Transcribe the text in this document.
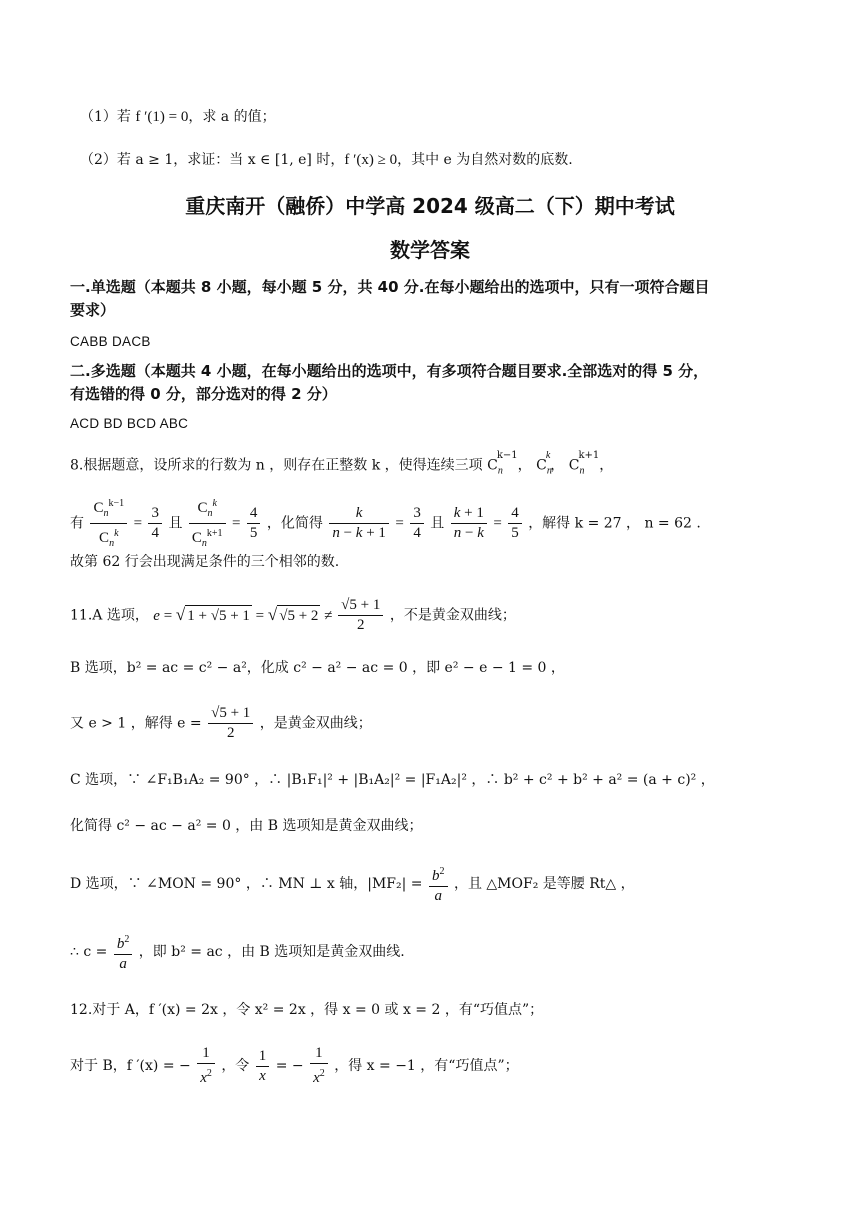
（1）若 f ′(1) = 0，求 a 的值；
（2）若 a ≥ 1，求证：当 x ∈ [1, e] 时，f ′(x) ≥ 0，其中 e 为自然对数的底数.
重庆南开（融侨）中学高 2024 级高二（下）期中考试
数学答案
一.单选题（本题共 8 小题，每小题 5 分，共 40 分.在每小题给出的选项中，只有一项符合题目
要求）
CABB DACB
二.多选题（本题共 4 小题，在每小题给出的选项中，有多项符合题目要求.全部选对的得 5 分，
有选错的得 0 分，部分选对的得 2 分）
ACD BD BCD ABC
8.根据题意，设所求的行数为 n ，则存在正整数 k ，使得连续三项 $C_n^{k-1}$， $C_n^k$， $C_n^{k+1}$，
有 $\frac{C_n^{k-1}}{C_n^k} = \frac{3}{4}$ 且 $\frac{C_n^k}{C_n^{k+1}} = \frac{4}{5}$ ，化简得 $\frac{k}{n - k + 1} = \frac{3}{4}$ 且 $\frac{k + 1}{n - k} = \frac{4}{5}$ ，解得 k = 27 ， n = 62 .
故第 62 行会出现满足条件的三个相邻的数.
11.A 选项， e = √ 1 + √5 + 1 = √ $√5 + 2 \ne \frac{√5 + 1}{2}$ ，不是黄金双曲线；
B 选项，b² = ac = c² − a²，化成 c² − a² − ac = 0 ，即 e² − e − 1 = 0 ，
又 e > 1 ，解得 $e = \frac{√5 + 1}{2}$ ，是黄金双曲线；
C 选项，∵ ∠F₁B₁A₂ = 90° ，∴ |B₁F₁|² + |B₁A₂|² = |F₁A₂|² ，∴ b² + c² + b² + a² = (a + c)² ，
化简得 c² − ac − a² = 0 ，由 B 选项知是黄金双曲线；
D 选项，∵ ∠MON = 90° ，∴ MN ⊥ x 轴，$|MF_2| = \frac{b^2}{a}$ ，且 △MOF₂ 是等腰 Rt△ ，
∴ $c = \frac{b^2}{a}$ ，即 b² = ac ，由 B 选项知是黄金双曲线.
12.对于 A，f ′(x) = 2x ，令 x² = 2x ，得 x = 0 或 x = 2 ，有“巧值点”；
对于 B，f ′(x) = − $\frac{1}{x^2}$ ，令 $\frac{1}{x}$ = − $\frac{1}{x^2}$ ，得 x = −1 ，有“巧值点”；
